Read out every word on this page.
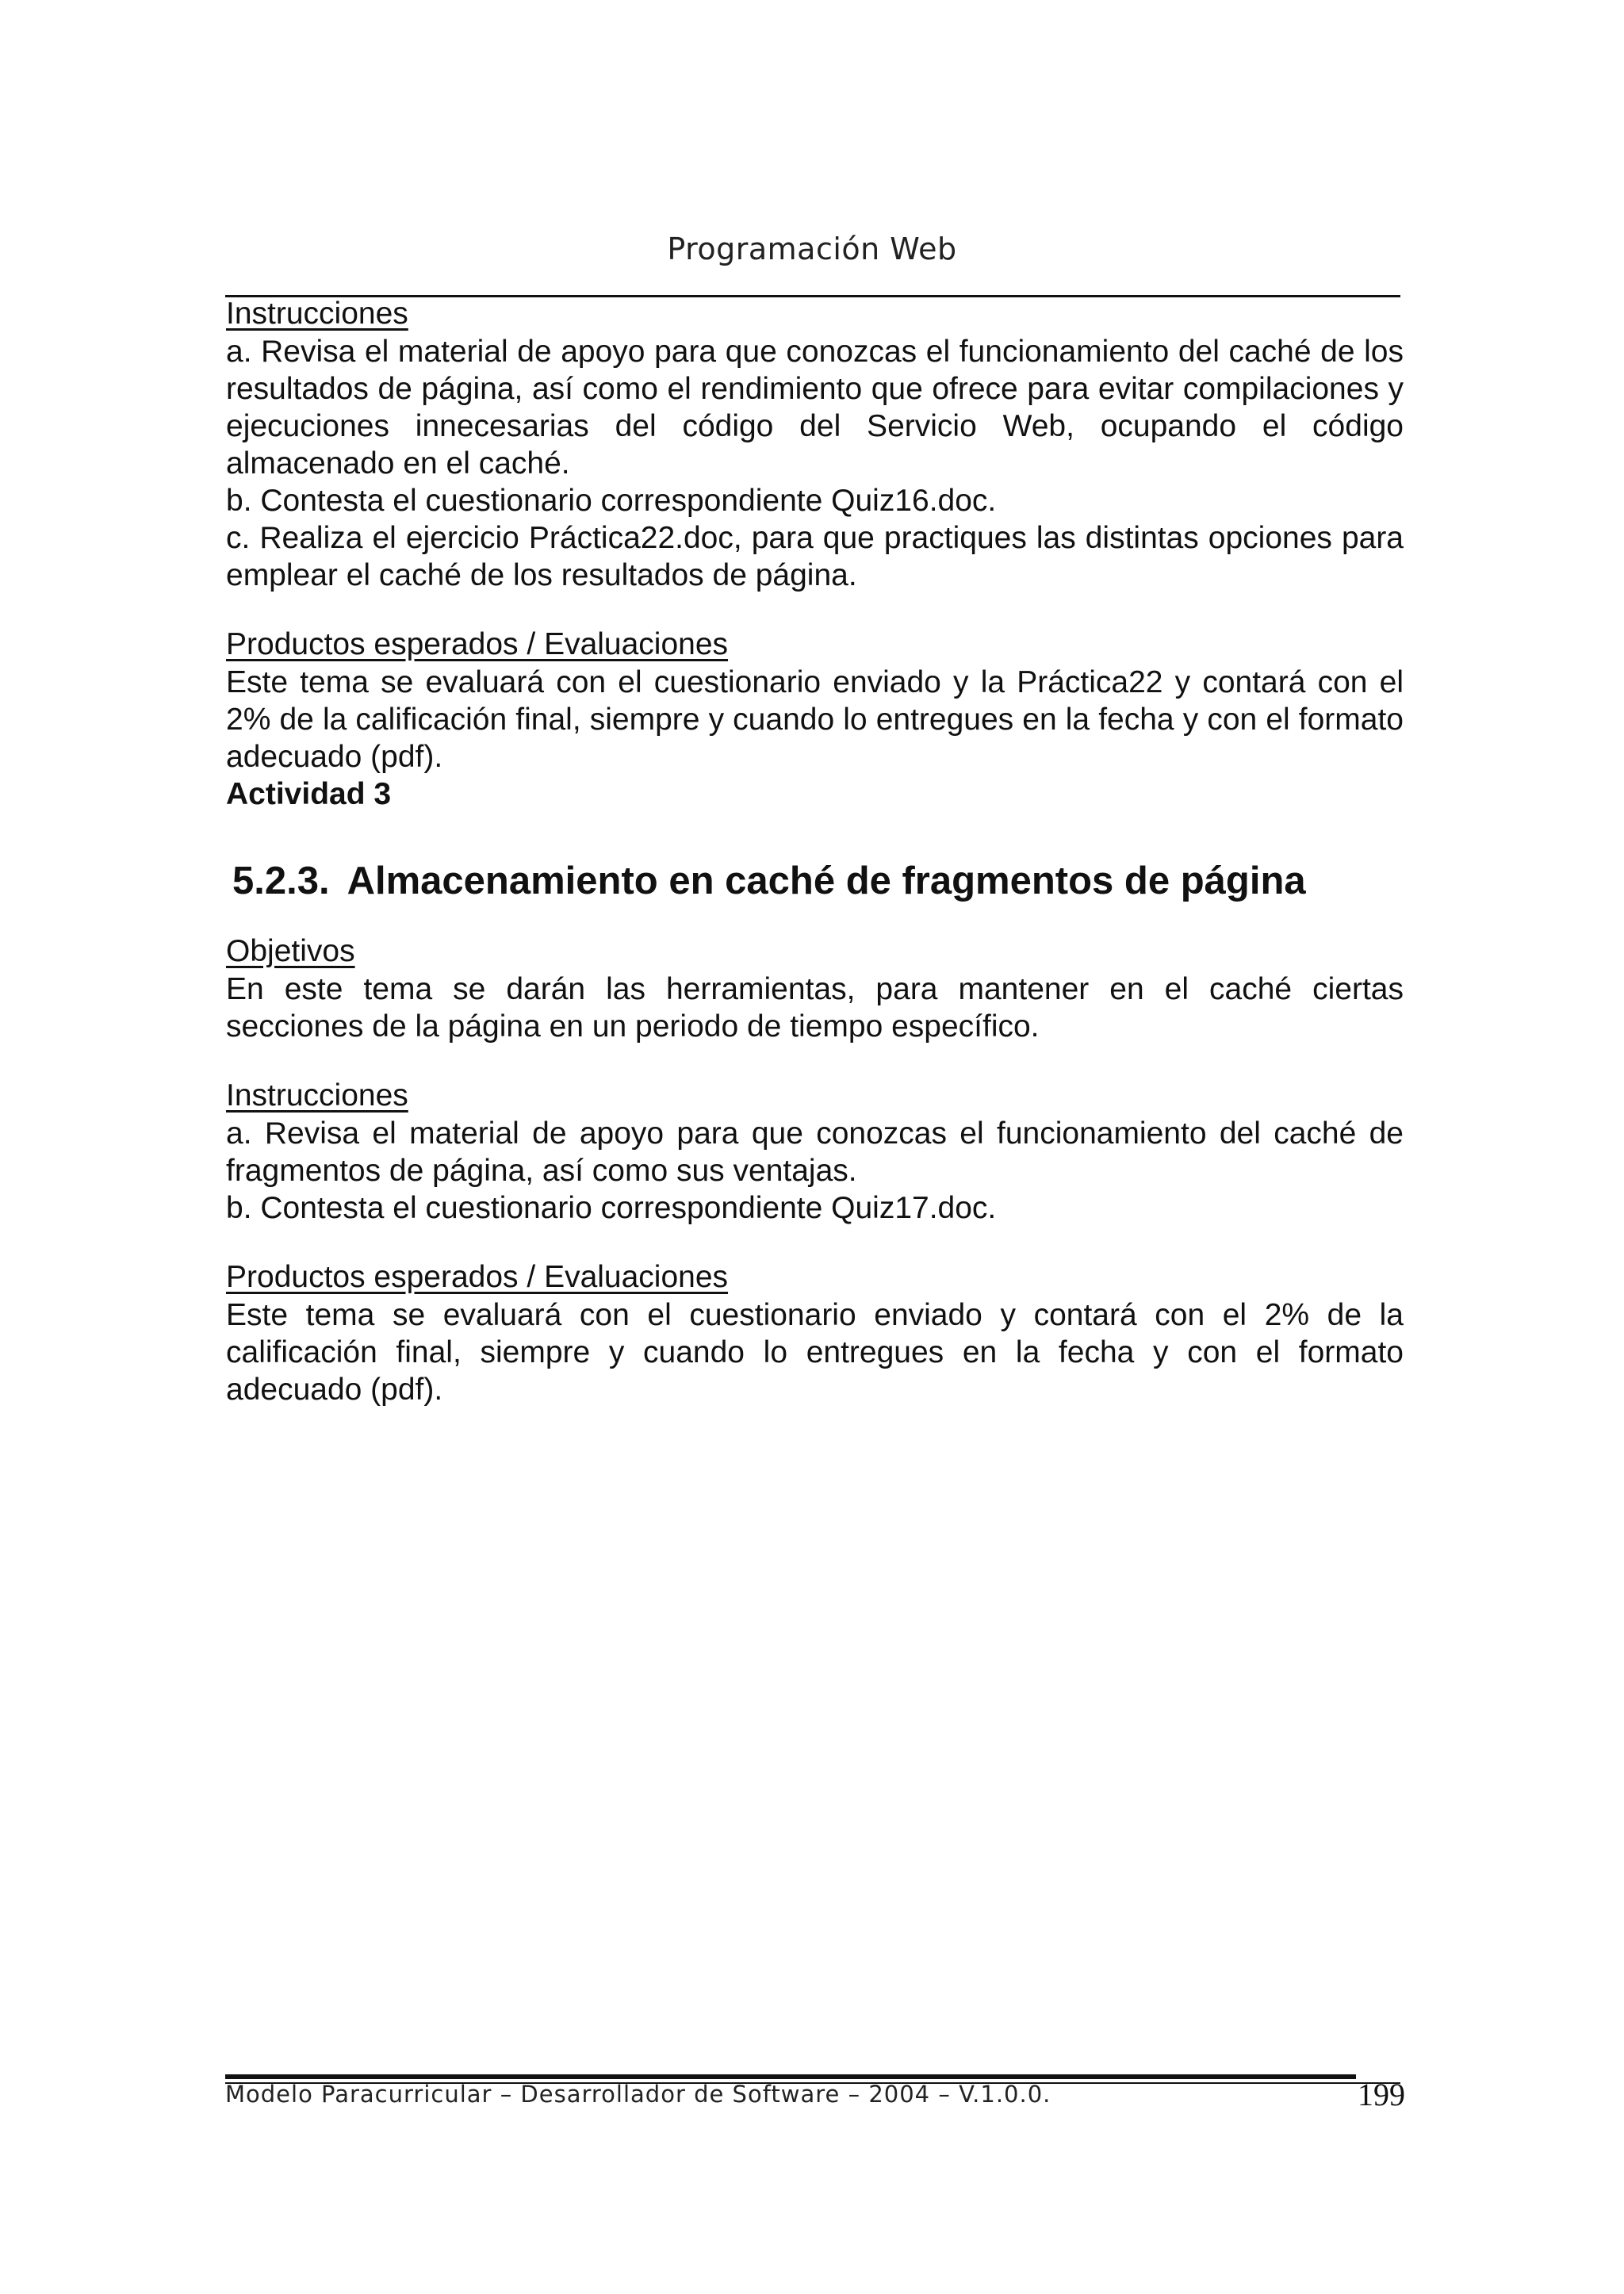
Programación Web

Instrucciones

a. Revisa el material de apoyo para que conozcas el funcionamiento del caché de los resultados de página, así como el rendimiento que ofrece para evitar compilaciones y ejecuciones innecesarias del código del Servicio Web, ocupando el código almacenado en el caché.

b. Contesta el cuestionario correspondiente Quiz16.doc.

c. Realiza el ejercicio Práctica22.doc, para que practiques las distintas opciones para emplear el caché de los resultados de página.

Productos esperados / Evaluaciones

Este tema se evaluará con el cuestionario enviado y la Práctica22 y contará con el 2% de la calificación final, siempre y cuando lo entregues en la fecha y con el formato adecuado (pdf).

Actividad 3

5.2.3. Almacenamiento en caché de fragmentos de página

Objetivos

En este tema se darán las herramientas, para mantener en el caché ciertas secciones de la página en un periodo de tiempo específico.

Instrucciones

a. Revisa el material de apoyo para que conozcas el funcionamiento del caché de fragmentos de página, así como sus ventajas.

b. Contesta el cuestionario correspondiente Quiz17.doc.

Productos esperados / Evaluaciones

Este tema se evaluará con el cuestionario enviado y contará con el 2% de la calificación final, siempre y cuando lo entregues en la fecha y con el formato adecuado (pdf).

Modelo Paracurricular – Desarrollador de Software – 2004 – V.1.0.0.	199
